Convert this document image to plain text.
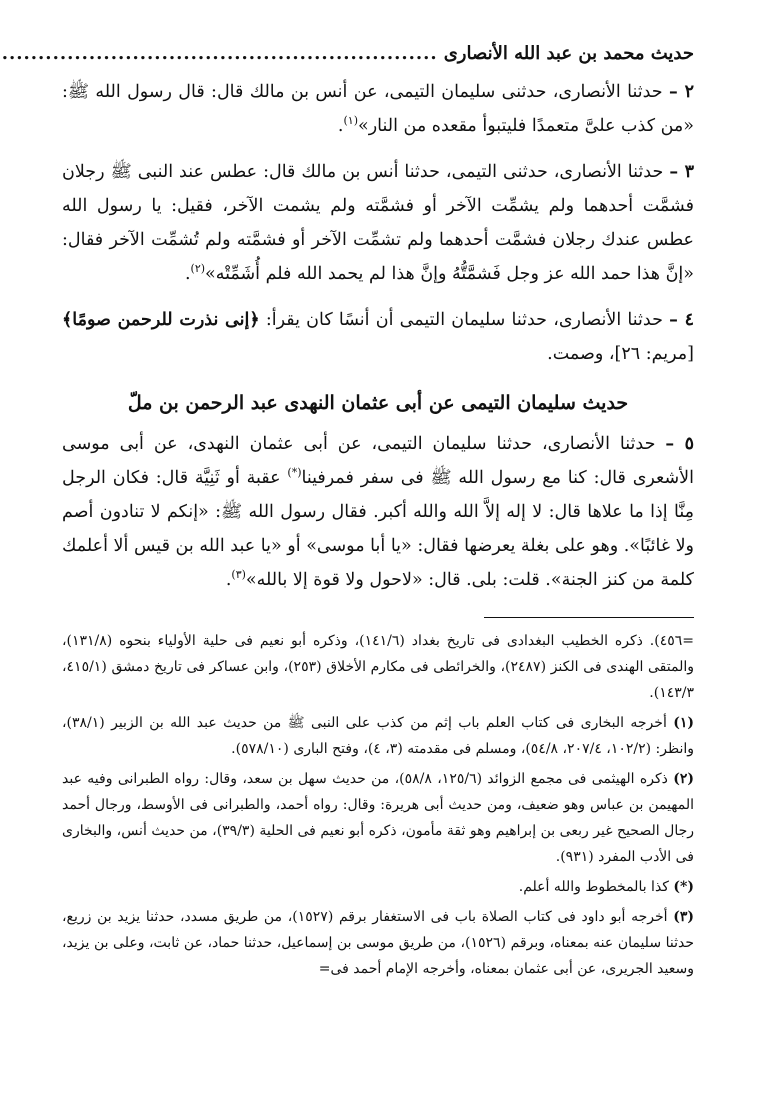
حديث محمد بن عبد الله الأنصارى
............................................................

٢ – حدثنا الأنصارى، حدثنى سليمان التيمى، عن أنس بن مالك قال: قال رسول الله ﷺ: «من كذب علىَّ متعمدًا فليتبوأ مقعده من النار»$^{(١)}$.

٣ – حدثنا الأنصارى، حدثنى التيمى، حدثنا أنس بن مالك قال: عطس عند النبى ﷺ رجلان فشمَّت أحدهما ولم يشمِّت الآخر أو فشمَّته ولم يشمت الآخر، فقيل: يا رسول الله عطس عندك رجلان فشمَّت أحدهما ولم تشمِّت الآخر أو فشمَّته ولم تُشمِّت الآخر فقال: «إنَّ هذا حمد الله عز وجل فَشمَّتُّهُ وإنَّ هذا لم يحمد الله فلم أُشَمِّتْه»$^{(٢)}$.

٤ – حدثنا الأنصارى، حدثنا سليمان التيمى أن أنسًا كان يقرأ: ﴿إنى نذرت للرحمن صومًا﴾ [مريم: ٢٦]، وصمت.

حديث سليمان التيمى عن أبى عثمان النهدى عبد الرحمن بن ملّ

٥ – حدثنا الأنصارى، حدثنا سليمان التيمى، عن أبى عثمان النهدى، عن أبى موسى الأشعرى قال: كنا مع رسول الله ﷺ فى سفر فمرفينا(*) عقبة أو ثَنِيَّة قال: فكان الرجل مِنَّا إذا ما علاها قال: لا إله إلاَّ الله والله أكبر. فقال رسول الله ﷺ: «إنكم لا تنادون أصم ولا غائبًا». وهو على بغلة يعرضها فقال: «يا أبا موسى» أو «يا عبد الله بن قيس ألا أعلمك كلمة من كنز الجنة». قلت: بلى. قال: «لاحول ولا قوة إلا بالله»$^{(٣)}$.

=٤٥٦). ذكره الخطيب البغدادى فى تاريخ بغداد (١٤١/٦)، وذكره أبو نعيم فى حلية الأولياء بنحوه (١٣١/٨)، والمتقى الهندى فى الكنز (٢٤٨٧)، والخرائطى فى مكارم الأخلاق (٢٥٣)، وابن عساكر فى تاريخ دمشق (٤١٥/١، ١٤٣/٣).

(١) أخرجه البخارى فى كتاب العلم باب إثم من كذب على النبى ﷺ من حديث عبد الله بن الزبير (٣٨/١)، وانظر: (١٠٢/٢، ٢٠٧/٤، ٥٤/٨)، ومسلم فى مقدمته (٣، ٤)، وفتح البارى (٥٧٨/١٠).

(٢) ذكره الهيثمى فى مجمع الزوائد (١٢٥/٦، ٥٨/٨)، من حديث سهل بن سعد، وقال: رواه الطبرانى وفيه عبد المهيمن بن عباس وهو ضعيف، ومن حديث أبى هريرة: وقال: رواه أحمد، والطبرانى فى الأوسط، ورجال أحمد رجال الصحيح غير ربعى بن إبراهيم وهو ثقة مأمون، ذكره أبو نعيم فى الحلية (٣٩/٣)، من حديث أنس، والبخارى فى الأدب المفرد (٩٣١).

(*) كذا بالمخطوط والله أعلم.

(٣) أخرجه أبو داود فى كتاب الصلاة باب فى الاستغفار برقم (١٥٢٧)، من طريق مسدد، حدثنا يزيد بن زريع، حدثنا سليمان عنه بمعناه، وبرقم (١٥٢٦)، من طريق موسى بن إسماعيل، حدثنا حماد، عن ثابت، وعلى بن يزيد، وسعيد الجريرى، عن أبى عثمان بمعناه، وأخرجه الإمام أحمد فى=
